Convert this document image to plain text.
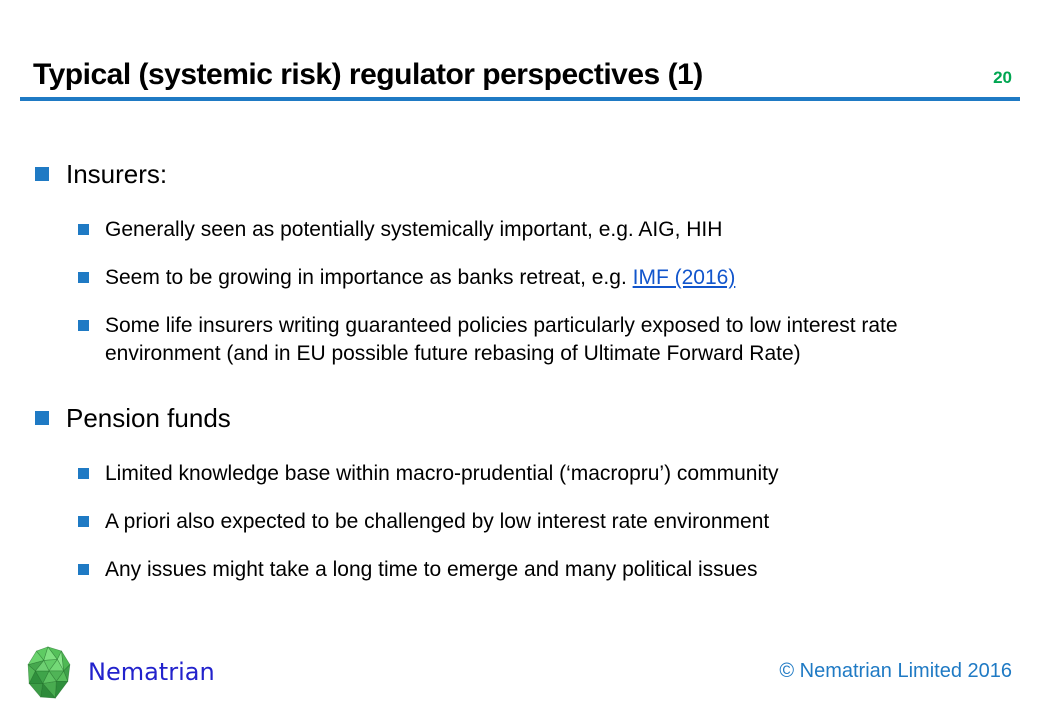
Typical (systemic risk) regulator perspectives (1)	20
Insurers:
Generally seen as potentially systemically important, e.g. AIG, HIH
Seem to be growing in importance as banks retreat, e.g. IMF (2016)
Some life insurers writing guaranteed policies particularly exposed to low interest rate environment (and in EU possible future rebasing of Ultimate Forward Rate)
Pension funds
Limited knowledge base within macro-prudential (‘macropru’) community
A priori also expected to be challenged by low interest rate environment
Any issues might take a long time to emerge and many political issues
Nematrian	© Nematrian Limited 2016
